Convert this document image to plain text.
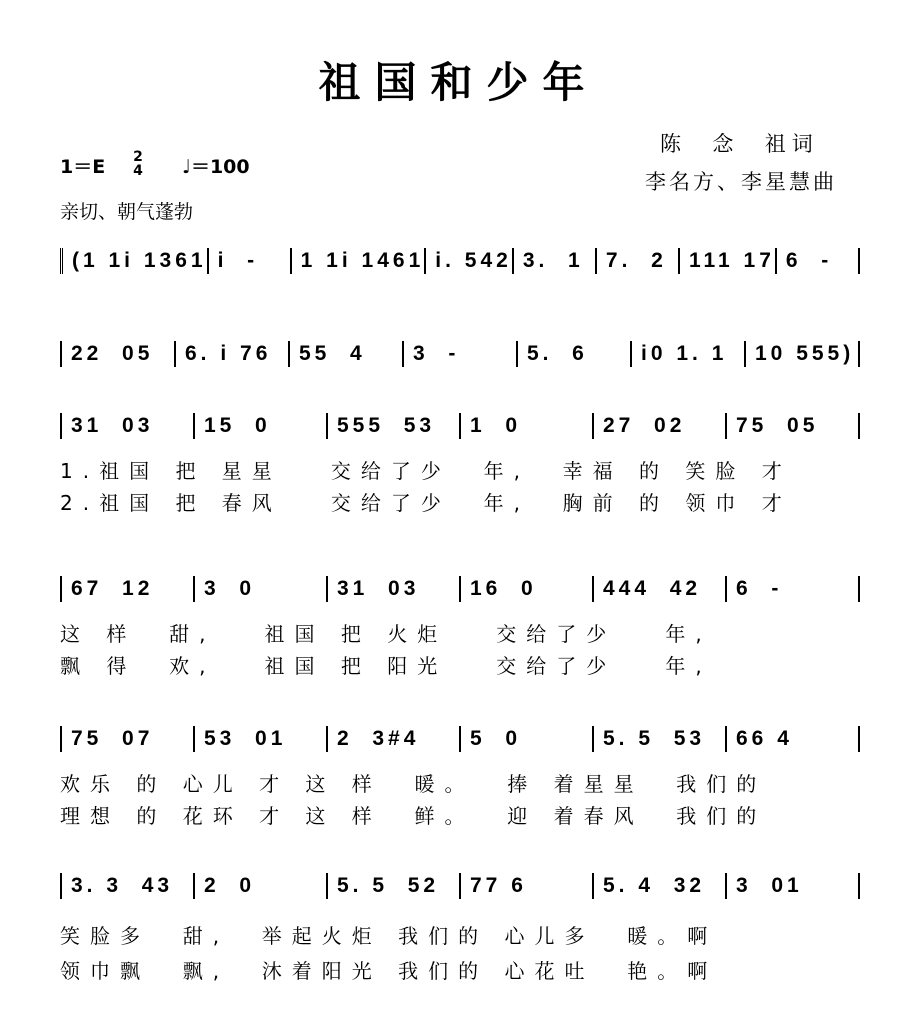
祖国和少年
陈  念  祖词
李名方、李星慧曲
1＝E	2
4 ♩＝100
亲切、朝气蓬勃
(1 1i 1361 i  -	1 1i 1461 i. 542 3.  1	7.  2	111 17 6  -
22  05	6. i 76	55  4	3  -	5.  6	i0 1. 1	10 555)
31  03	15  0	555  53	1  0	27  02	75  05
1.祖国 把 星星   交给了少  年,  幸福 的 笑脸 才
2.祖国 把 春风   交给了少  年,  胸前 的 领巾 才
67  12	3  0	31  03	16  0	444  42	6  -
这 样  甜,   祖国 把 火炬   交给了少   年,
飘 得  欢,   祖国 把 阳光   交给了少   年,
75  07	53  01	2  3#4	5  0	5. 5  53	66 4
欢乐 的 心儿 才 这 样  暖。  捧 着星星  我们的
理想 的 花环 才 这 样  鲜。  迎 着春风  我们的
3. 3  43	2  0	5. 5  52	77 6	5. 4  32	3  01
笑脸多  甜,  举起火炬 我们的 心儿多  暖。啊
领巾飘  飘,  沐着阳光 我们的 心花吐  艳。啊
